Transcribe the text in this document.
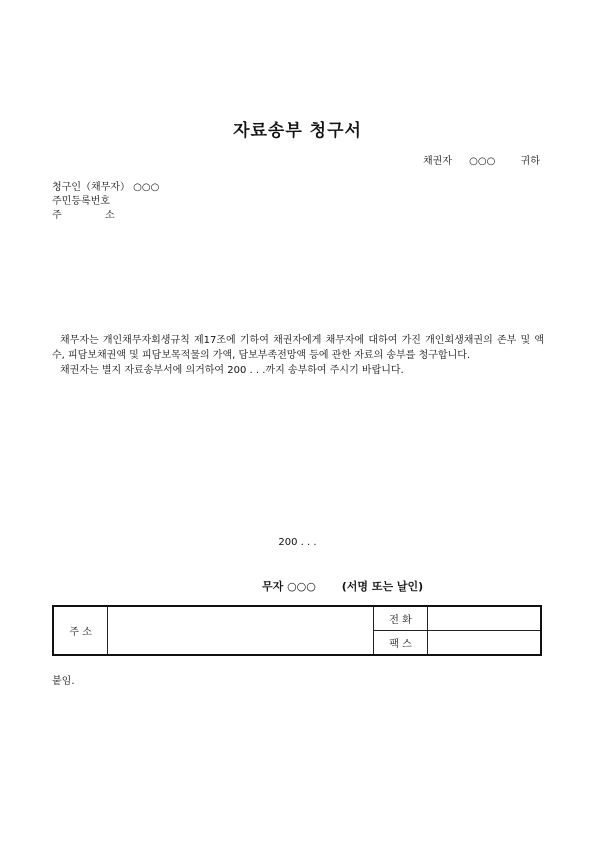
자료송부 청구서
채권자 ○○○	귀하
청구인（채무자） ○○○
주민등록번호
주	소

채무자는 개인채무자회생규칙 제17조에 기하여 채권자에게 채무자에 대하여 가진 개인회생채권의 존부 및 액수, 피담보채권액 및 피담보목적물의 가액, 담보부족전망액 등에 관한 자료의 송부를 청구합니다.

채권자는 별지 자료송부서에 의거하여 200 . . .까지 송부하여 주시기 바랍니다.

200 . . .
무자 ○○○ (서명 또는 날인)
주 소		전 화	
		팩 스	
붙임.
